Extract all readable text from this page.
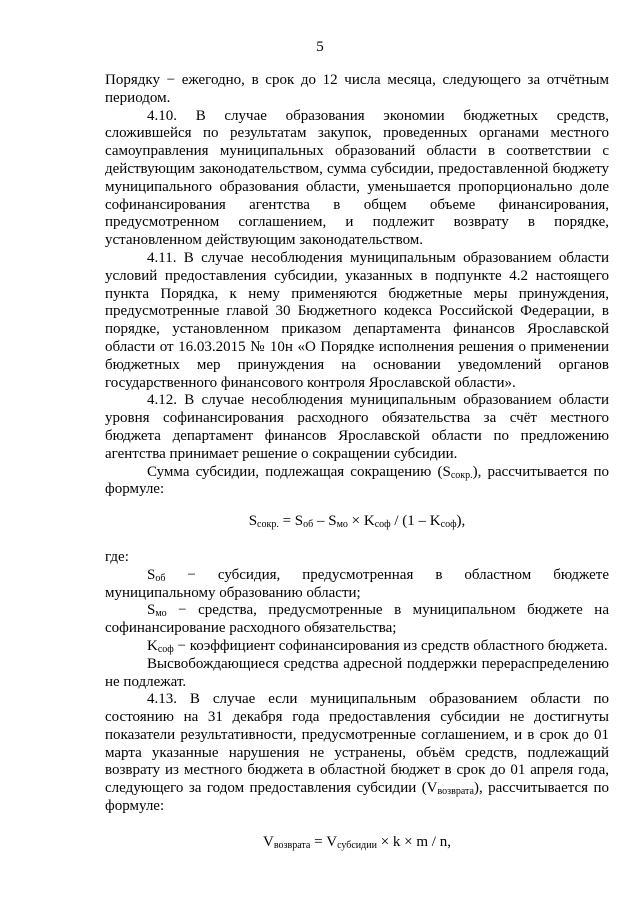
5

Порядку − ежегодно, в срок до 12 числа месяца, следующего за отчётным периодом.

4.10. В случае образования экономии бюджетных средств, сложившейся по результатам закупок, проведенных органами местного самоуправления муниципальных образований области в соответствии с действующим законодательством, сумма субсидии, предоставленной бюджету муниципального образования области, уменьшается пропорционально доле софинансирования агентства в общем объеме финансирования, предусмотренном соглашением, и подлежит возврату в порядке, установленном действующим законодательством.

4.11. В случае несоблюдения муниципальным образованием области условий предоставления субсидии, указанных в подпункте 4.2 настоящего пункта Порядка, к нему применяются бюджетные меры принуждения, предусмотренные главой 30 Бюджетного кодекса Российской Федерации, в порядке, установленном приказом департамента финансов Ярославской области от 16.03.2015 № 10н «О Порядке исполнения решения о применении бюджетных мер принуждения на основании уведомлений органов государственного финансового контроля Ярославской области».

4.12. В случае несоблюдения муниципальным образованием области уровня софинансирования расходного обязательства за счёт местного бюджета департамент финансов Ярославской области по предложению агентства принимает решение о сокращении субсидии.

Сумма субсидии, подлежащая сокращению $(S_{сокр.})$, рассчитывается по формуле:

$S_{сокр.} = S_{об} - S_{мо} \times K_{соф} / (1 - K_{соф})$,

где:

$S_{об}$ − субсидия, предусмотренная в областном бюджете муниципальному образованию области;

$S_{мо}$ − средства, предусмотренные в муниципальном бюджете на софинансирование расходного обязательства;

$K_{соф}$ − коэффициент софинансирования из средств областного бюджета.

Высвобождающиеся средства адресной поддержки перераспределению не подлежат.

4.13. В случае если муниципальным образованием области по состоянию на 31 декабря года предоставления субсидии не достигнуты показатели результативности, предусмотренные соглашением, и в срок до 01 марта указанные нарушения не устранены, объём средств, подлежащий возврату из местного бюджета в областной бюджет в срок до 01 апреля года, следующего за годом предоставления субсидии $(V_{возврата})$, рассчитывается по формуле:

$V_{возврата} = V_{субсидии} \times k \times m / n$,
